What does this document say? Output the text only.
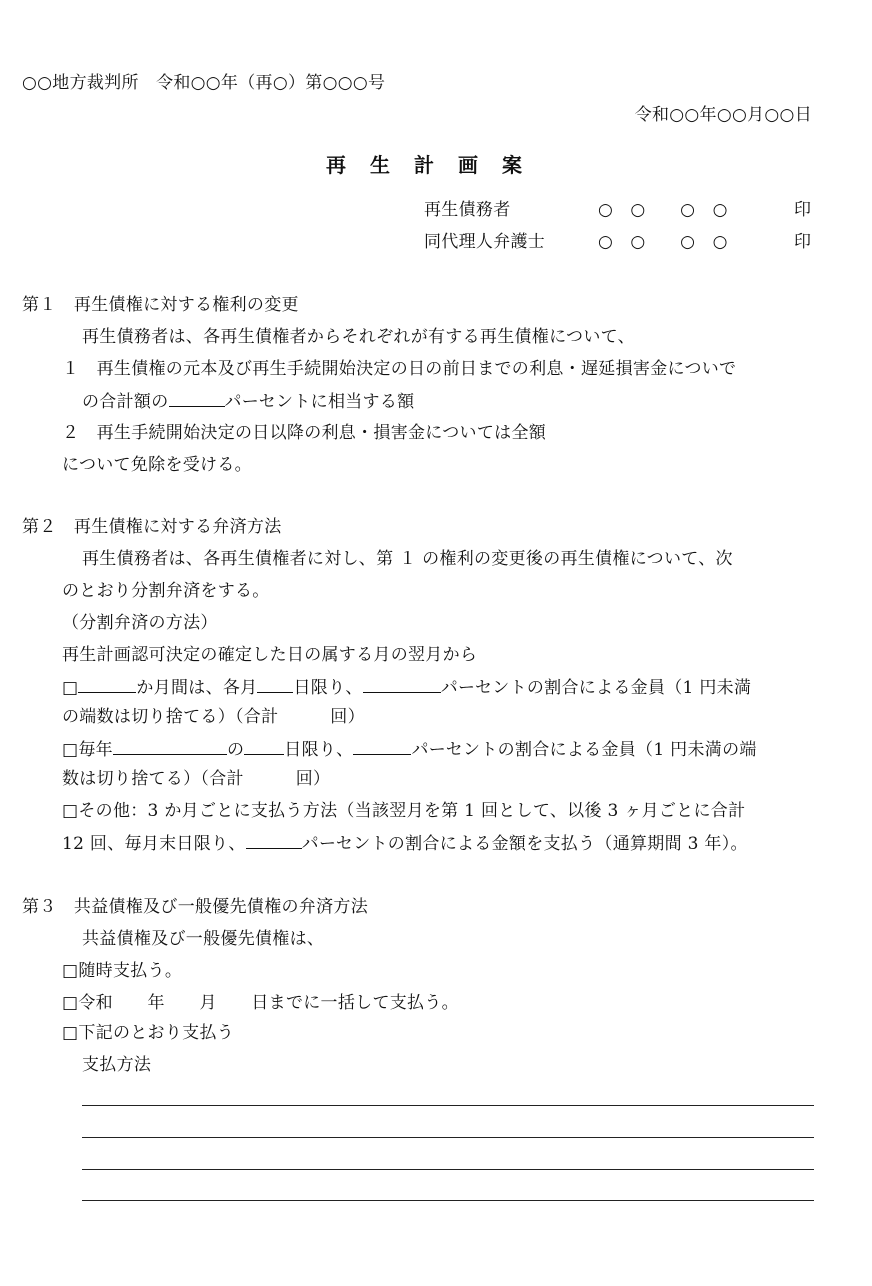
○○地方裁判所　令和○○年（再○）第○○○号
令和○○年○○月○○日
再生計画案
再生債務者	○　○　　○　○	印
同代理人弁護士	○　○　　○　○	印
第１　再生債権に対する権利の変更
再生債務者は、各再生債権者からそれぞれが有する再生債権について、
１　再生債権の元本及び再生手続開始決定の日の前日までの利息・遅延損害金についで
の合計額の	パーセントに相当する額
２　再生手続開始決定の日以降の利息・損害金については全額
について免除を受ける。
第２　再生債権に対する弁済方法
再生債務者は、各再生債権者に対し、第 １ の権利の変更後の再生債権について、次
のとおり分割弁済をする。
（分割弁済の方法）
再生計画認可決定の確定した日の属する月の翌月から
□	か月間は、各月 日限り、	パーセントの割合による金員（1 円未満
の端数は切り捨てる）（合計　　　回）
□毎年	の 日限り、	パーセントの割合による金員（1 円未満の端
数は切り捨てる）（合計　　　回）
□その他：3 か月ごとに支払う方法（当該翌月を第 1 回として、以後 3 ヶ月ごとに合計
12 回、毎月末日限り、	パーセントの割合による金額を支払う（通算期間 3 年）。
第３　共益債権及び一般優先債権の弁済方法
共益債権及び一般優先債権は、
□随時支払う。
□令和　　年　　月　　日までに一括して支払う。
□下記のとおり支払う
支払方法
